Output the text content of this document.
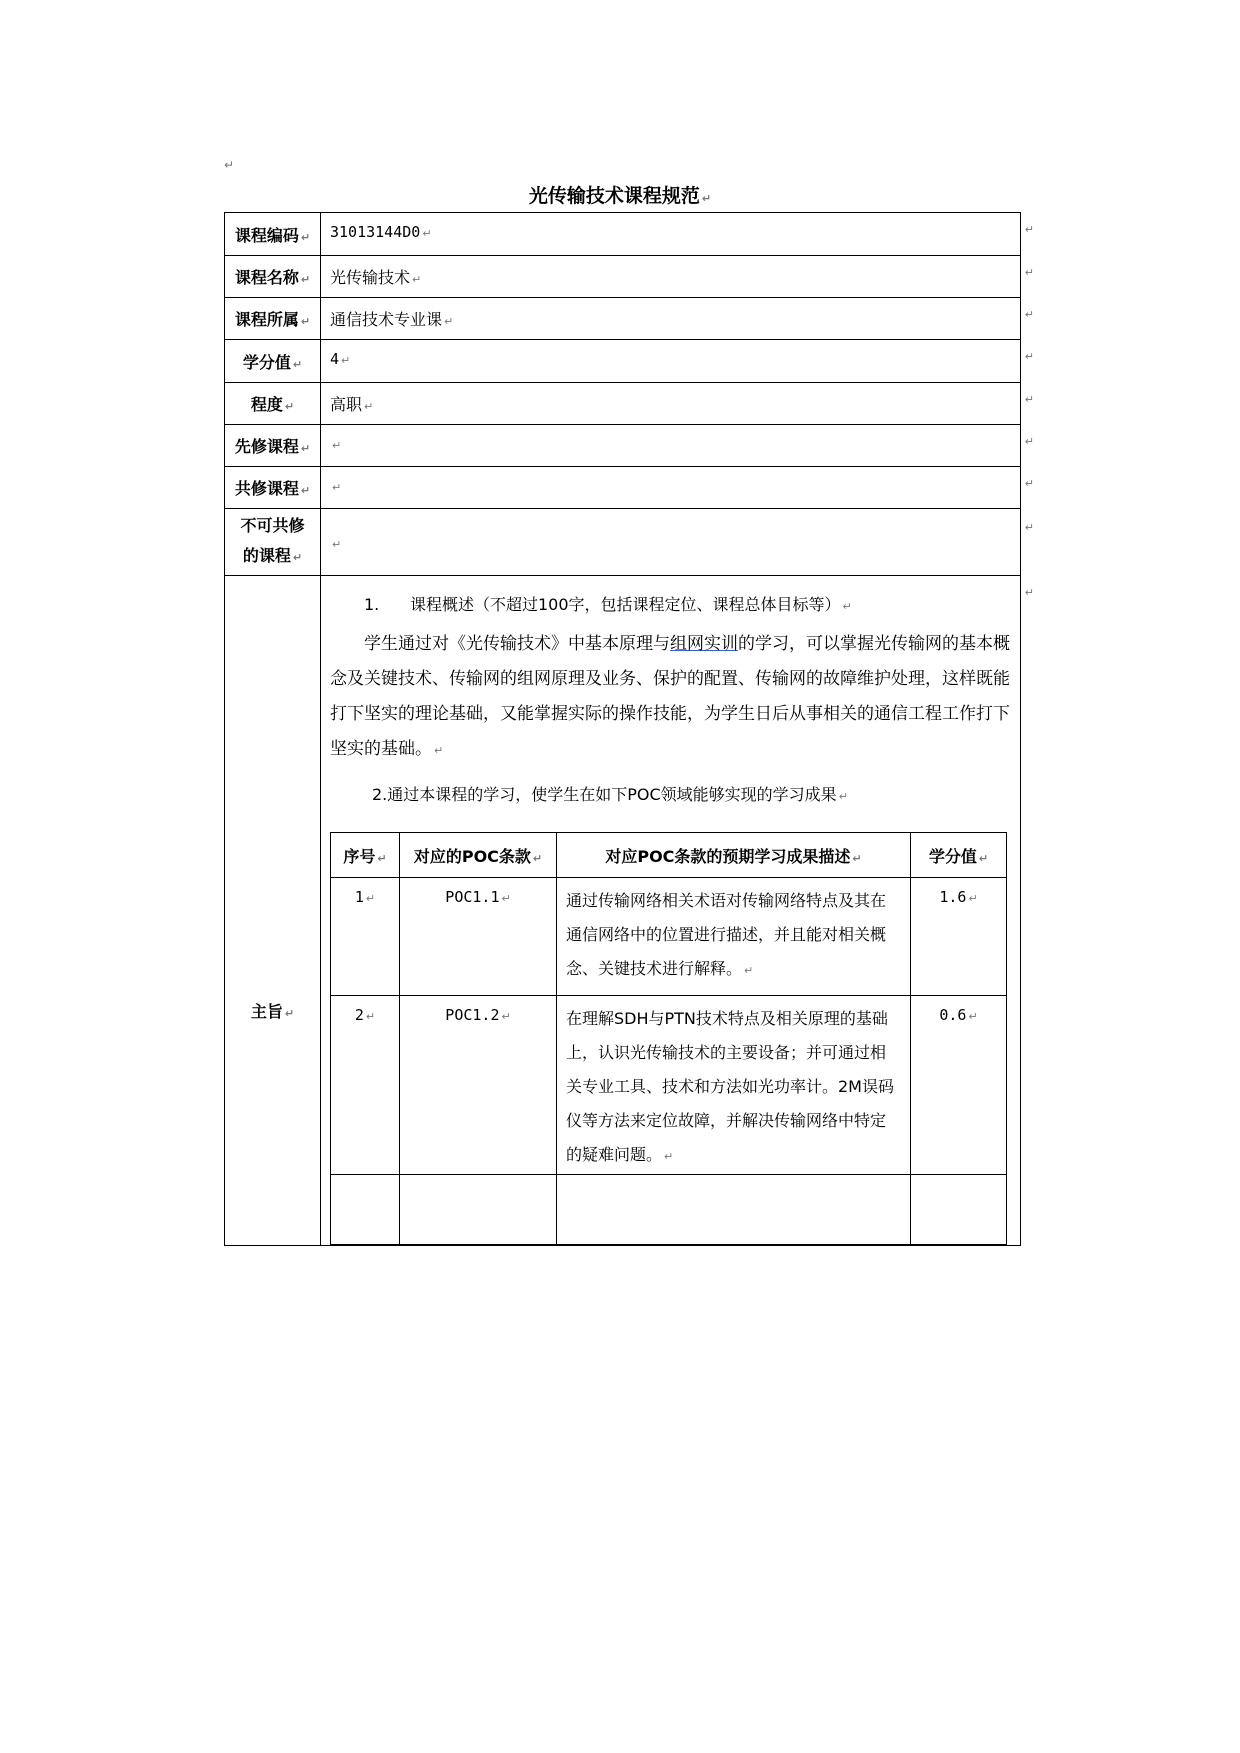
↵
光传输技术课程规范 ↵
课程编码 ↵	31013144D0 ↵	↵

课程名称 ↵	光传输技术 ↵
↵

课程所属 ↵	通信技术专业课 ↵
↵

学分值 ↵	4 ↵	↵

程度 ↵	高职 ↵
↵

先修课程 ↵	↵	↵

共修课程 ↵	↵	↵

不可共修
的课程 ↵
	↵
↵

主旨 ↵	
↵
1. 课程概述（不超过100字，包括课程定位、课程总体目标等） ↵

学生通过对《光传输技术》中基本原理与组网实训的学习，可以掌握光传输网的基本概念及关键技术、传输网的组网原理及业务、保护的配置、传输网的故障维护处理，这样既能打下坚实的理论基础，又能掌握实际的操作技能，为学生日后从事相关的通信工程工作打下坚实的基础。 ↵

2.通过本课程的学习，使学生在如下POC领域能够实现的学习成果 ↵
序号 ↵	对应的POC条款 ↵	对应POC条款的预期学习成果描述 ↵	学分值 ↵
1 ↵	POC1.1 ↵	通过传输网络相关术语对传输网络特点及其在通信网络中的位置进行描述，并且能对相关概念、关键技术进行解释。 ↵	1.6 ↵
2 ↵	POC1.2 ↵	在理解SDH与PTN技术特点及相关原理的基础上，认识光传输技术的主要设备；并可通过相关专业工具、技术和方法如光功率计。2M误码仪等方法来定位故障，并解决传输网络中特定的疑难问题。 ↵	0.6 ↵
